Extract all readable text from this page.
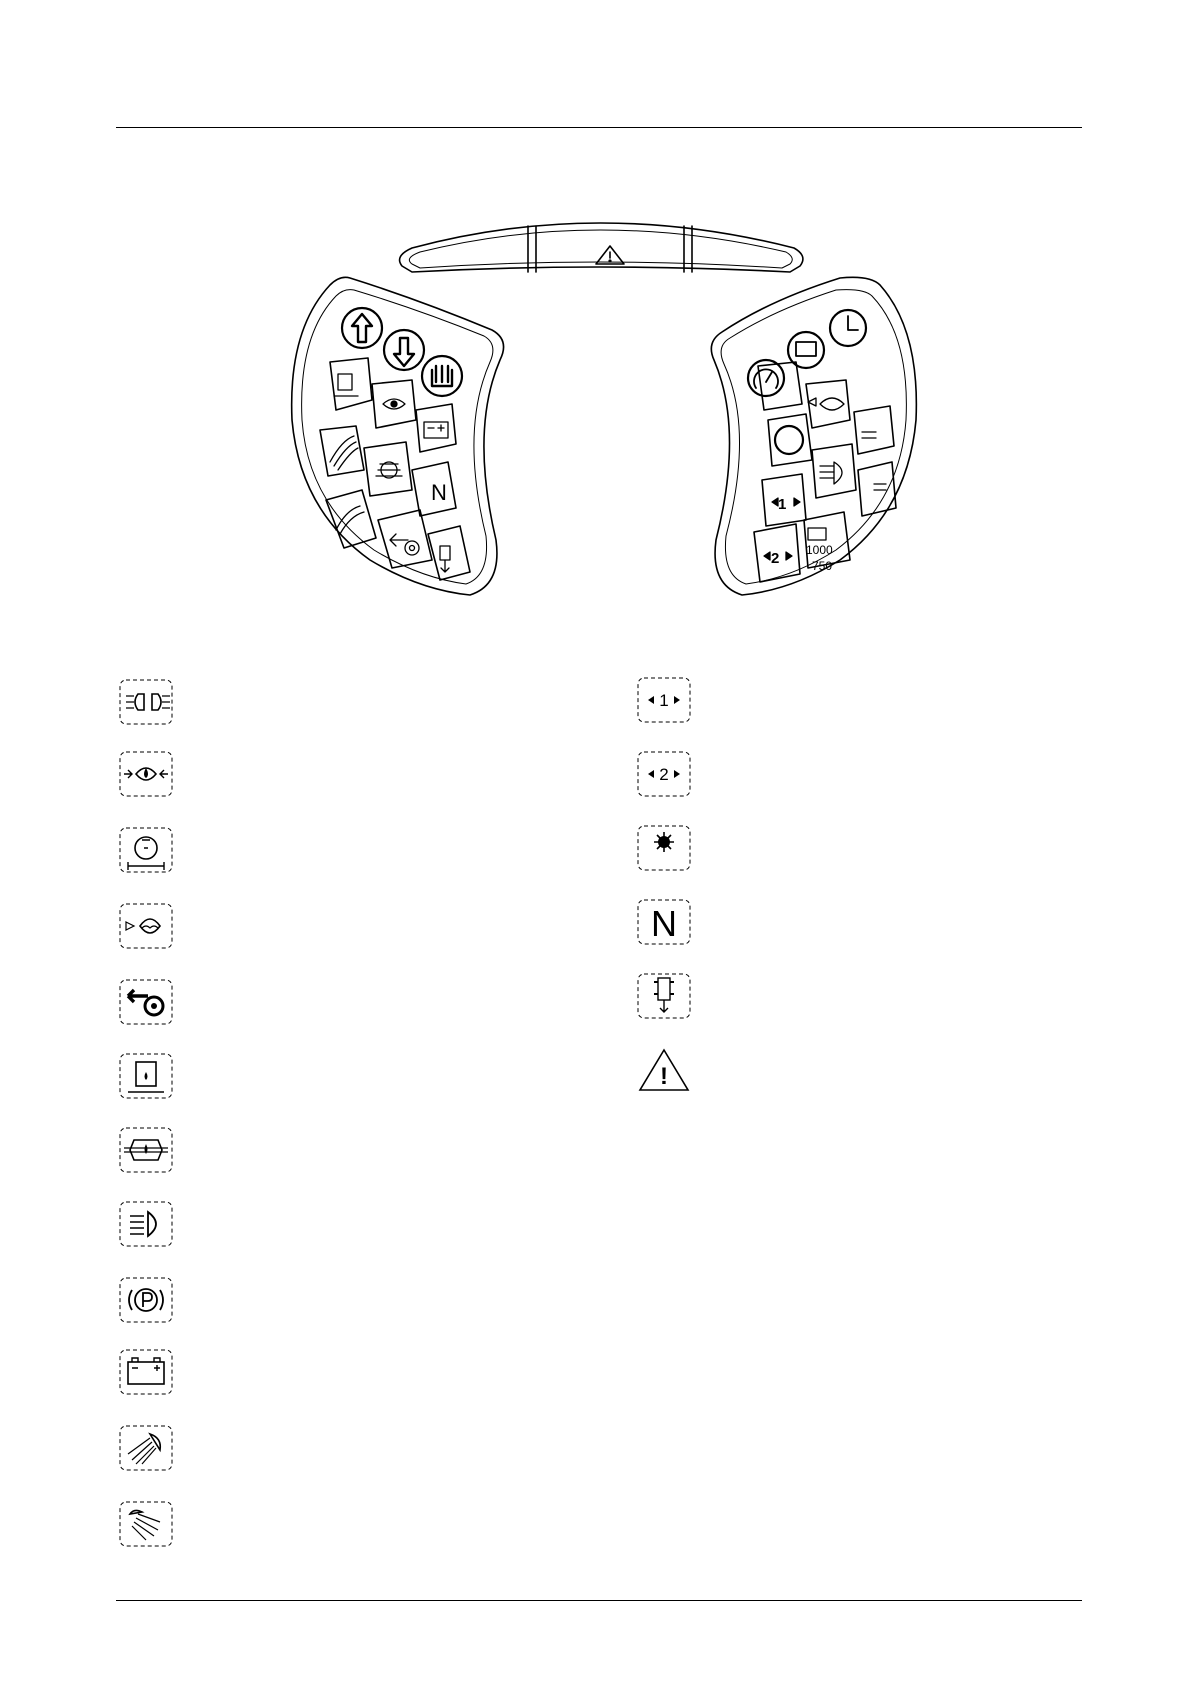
N	1
2 1000
750
1
2
N
!
